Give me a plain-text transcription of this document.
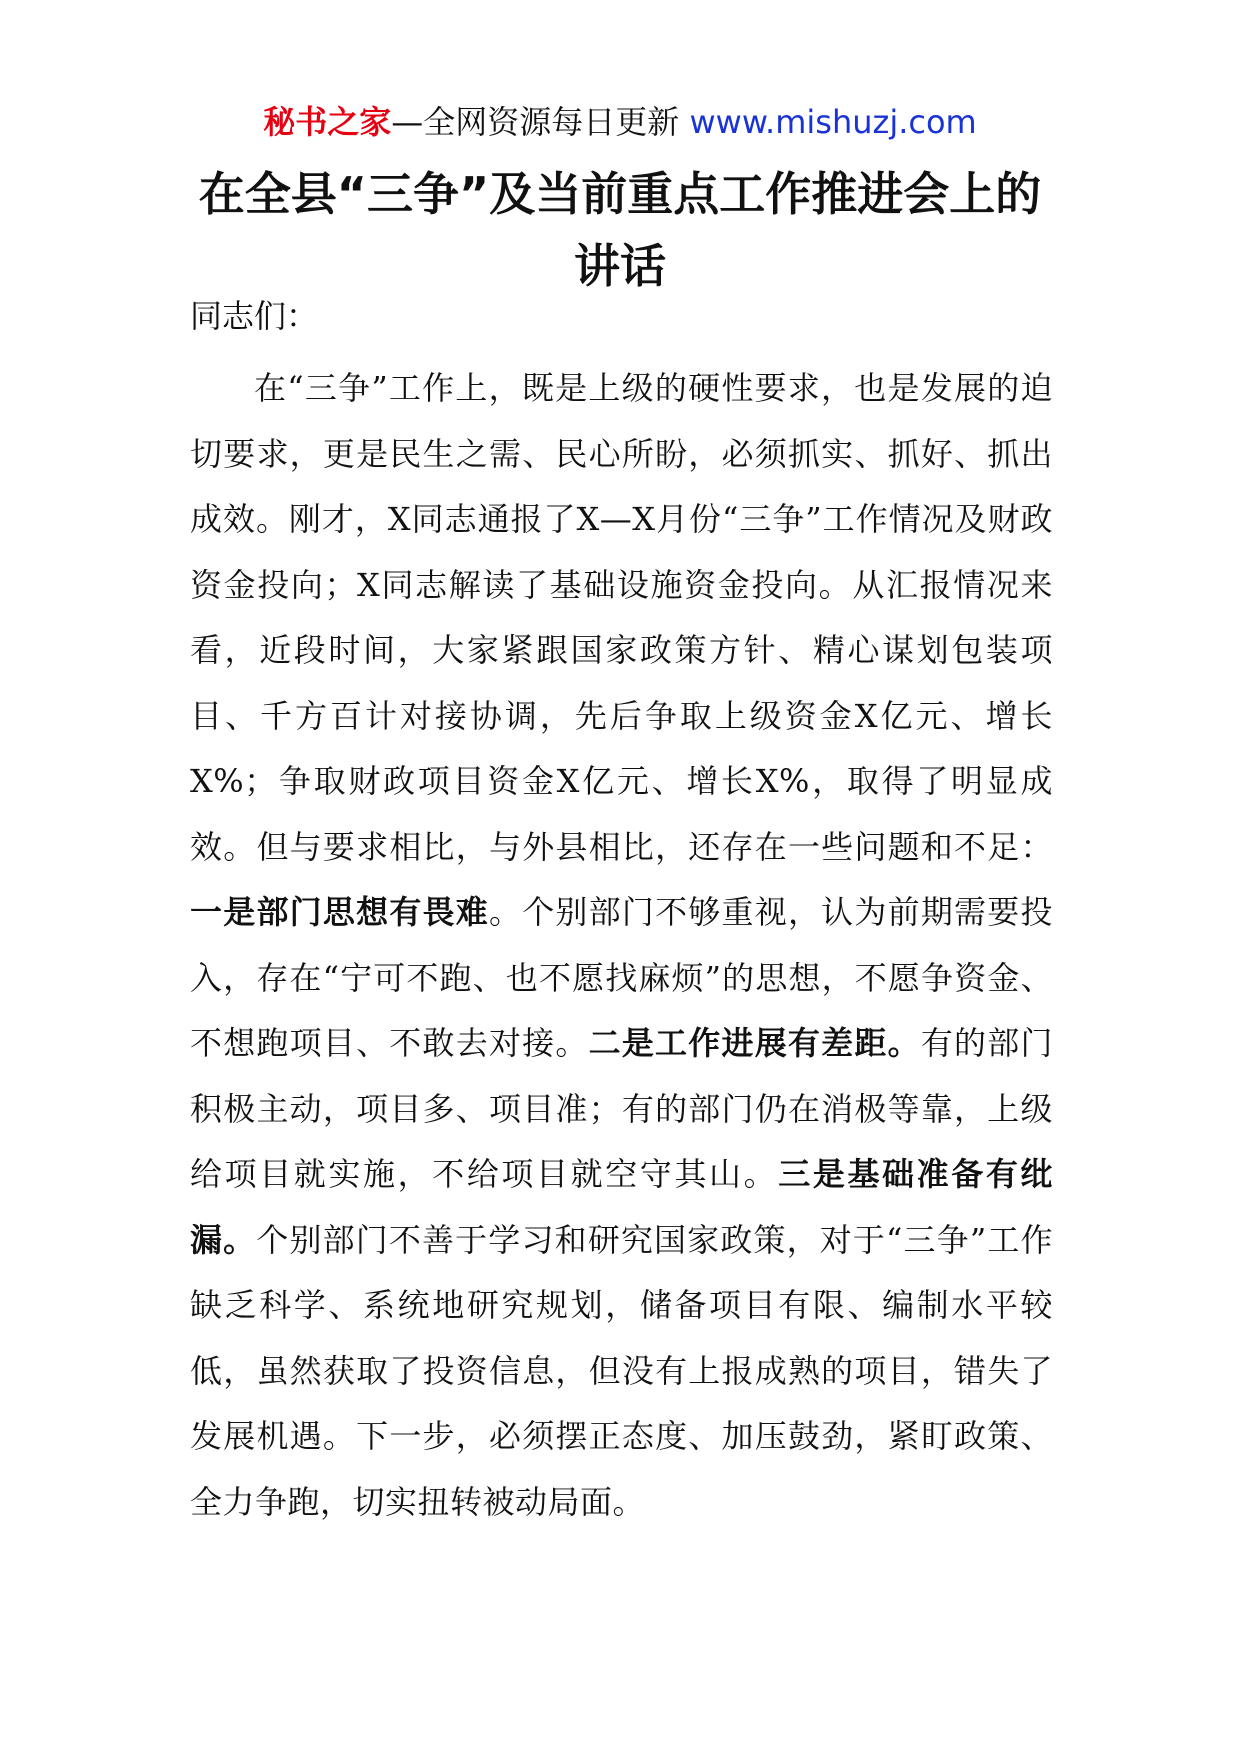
秘书之家—全网资源每日更新 www.mishuzj.com
在全县“三争”及当前重点工作推进会上的讲话

同志们：

在“三争”工作上，既是上级的硬性要求，也是发展的迫切要求，更是民生之需、民心所盼，必须抓实、抓好、抓出成效。刚才，X同志通报了X—X月份“三争”工作情况及财政资金投向；X同志解读了基础设施资金投向。从汇报情况来看，近段时间，大家紧跟国家政策方针、精心谋划包装项目、千方百计对接协调，先后争取上级资金X亿元、增长X%；争取财政项目资金X亿元、增长X%，取得了明显成效。但与要求相比，与外县相比，还存在一些问题和不足：一是部门思想有畏难。个别部门不够重视，认为前期需要投入，存在“宁可不跑、也不愿找麻烦”的思想，不愿争资金、不想跑项目、不敢去对接。二是工作进展有差距。有的部门积极主动，项目多、项目准；有的部门仍在消极等靠，上级给项目就实施，不给项目就空守其山。三是基础准备有纰漏。个别部门不善于学习和研究国家政策，对于“三争”工作缺乏科学、系统地研究规划，储备项目有限、编制水平较低，虽然获取了投资信息，但没有上报成熟的项目，错失了发展机遇。下一步，必须摆正态度、加压鼓劲，紧盯政策、全力争跑，切实扭转被动局面。
